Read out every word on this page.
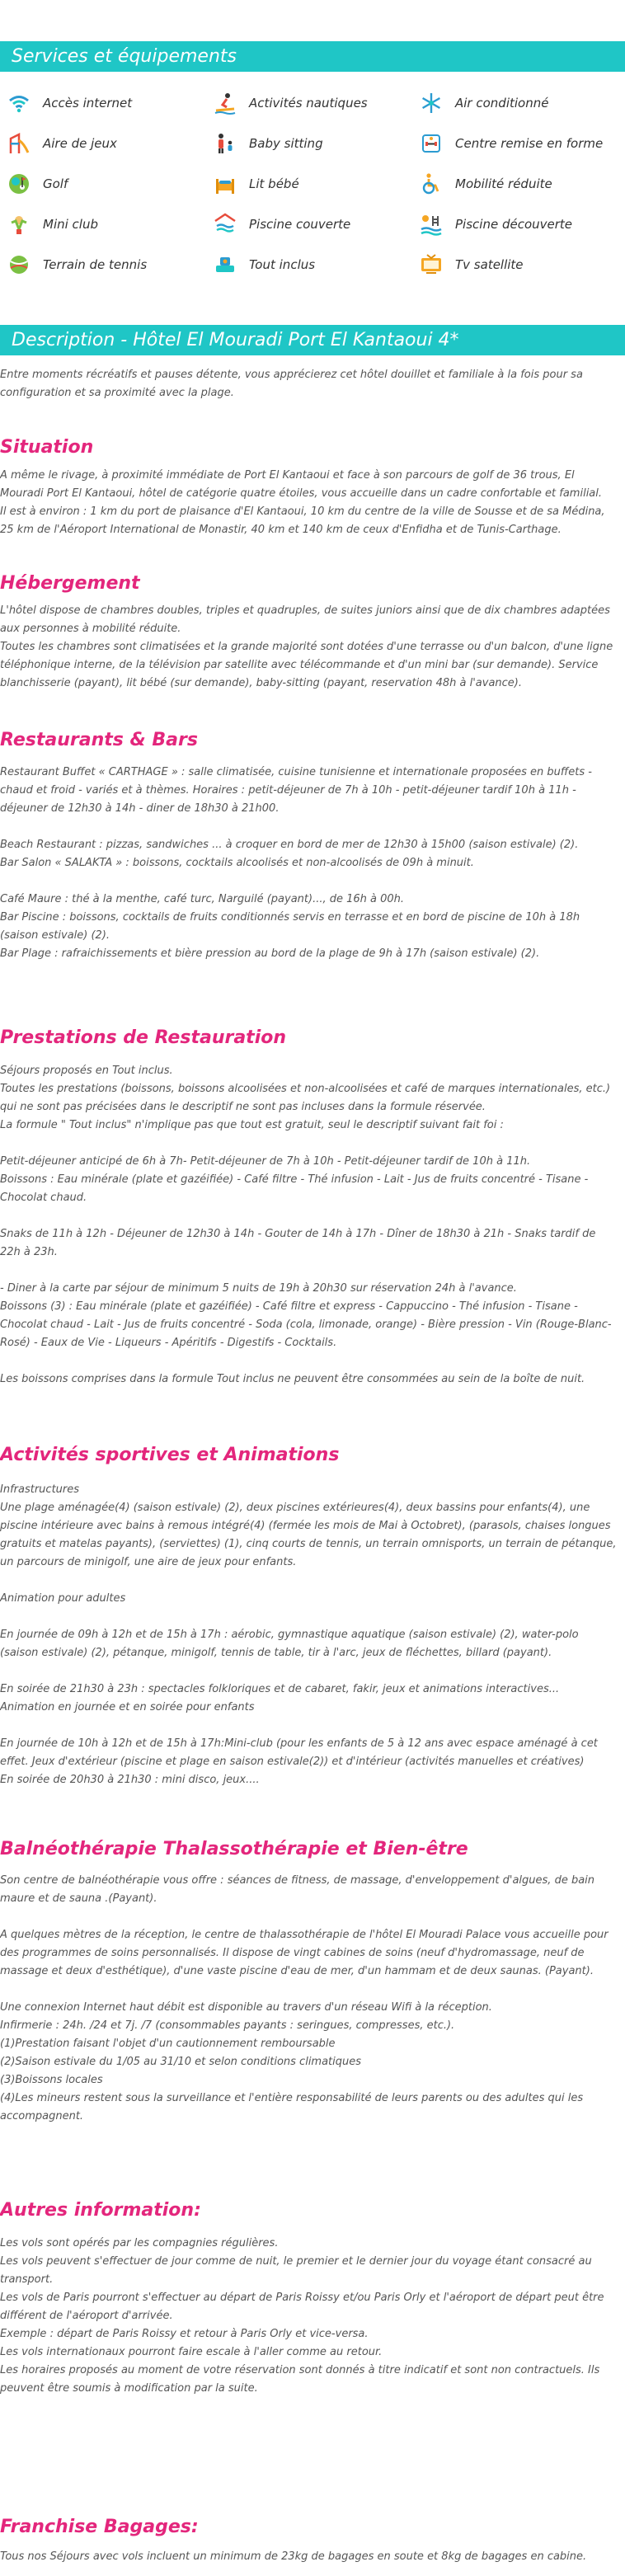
Services et équipements
Accès internet	Activités nautiques	Air conditionné
Aire de jeux	Baby sitting	Centre remise en forme
Golf	Lit bébé	Mobilité réduite
Mini club	Piscine couverte	Piscine découverte
Terrain de tennis	Tout inclus	Tv satellite
Description - Hôtel El Mouradi Port El Kantaoui 4*

Entre moments récréatifs et pauses détente, vous apprécierez cet hôtel douillet et familiale à la fois pour sa configuration et sa proximité avec la plage.

Situation

A même le rivage, à proximité immédiate de Port El Kantaoui et face à son parcours de golf de 36 trous, El Mouradi Port El Kantaoui, hôtel de catégorie quatre étoiles, vous accueille dans un cadre confortable et familial.

Il est à environ : 1 km du port de plaisance d'El Kantaoui, 10 km du centre de la ville de Sousse et de sa Médina, 25 km de l'Aéroport International de Monastir, 40 km et 140 km de ceux d'Enfidha et de Tunis-Carthage.

Hébergement

L'hôtel dispose de chambres doubles, triples et quadruples, de suites juniors ainsi que de dix chambres adaptées aux personnes à mobilité réduite.

Toutes les chambres sont climatisées et la grande majorité sont dotées d'une terrasse ou d'un balcon, d'une ligne téléphonique interne, de la télévision par satellite avec télécommande et d'un mini bar (sur demande). Service blanchisserie (payant), lit bébé (sur demande), baby-sitting (payant, reservation 48h à l'avance).

Restaurants & Bars

Restaurant Buffet « CARTHAGE » : salle climatisée, cuisine tunisienne et internationale proposées en buffets - chaud et froid - variés et à thèmes. Horaires : petit-déjeuner de 7h à 10h - petit-déjeuner tardif 10h à 11h - déjeuner de 12h30 à 14h - diner de 18h30 à 21h00.

Beach Restaurant : pizzas, sandwiches ... à croquer en bord de mer de 12h30 à 15h00 (saison estivale) (2).

Bar Salon « SALAKTA » : boissons, cocktails alcoolisés et non-alcoolisés de 09h à minuit.

Café Maure : thé à la menthe, café turc, Narguilé (payant)..., de 16h à 00h.

Bar Piscine : boissons, cocktails de fruits conditionnés servis en terrasse et en bord de piscine de 10h à 18h (saison estivale) (2).

Bar Plage : rafraichissements et bière pression au bord de la plage de 9h à 17h (saison estivale) (2).

Prestations de Restauration

Séjours proposés en Tout inclus.

Toutes les prestations (boissons, boissons alcoolisées et non-alcoolisées et café de marques internationales, etc.) qui ne sont pas précisées dans le descriptif ne sont pas incluses dans la formule réservée.

La formule " Tout inclus" n'implique pas que tout est gratuit, seul le descriptif suivant fait foi :

Petit-déjeuner anticipé de 6h à 7h- Petit-déjeuner de 7h à 10h - Petit-déjeuner tardif de 10h à 11h.

Boissons : Eau minérale (plate et gazéifiée) - Café filtre - Thé infusion - Lait - Jus de fruits concentré - Tisane - Chocolat chaud.

Snaks de 11h à 12h - Déjeuner de 12h30 à 14h - Gouter de 14h à 17h - Dîner de 18h30 à 21h - Snaks tardif de 22h à 23h.

- Diner à la carte par séjour de minimum 5 nuits de 19h à 20h30 sur réservation 24h à l'avance.

Boissons (3) : Eau minérale (plate et gazéifiée) - Café filtre et express - Cappuccino - Thé infusion - Tisane - Chocolat chaud - Lait - Jus de fruits concentré - Soda (cola, limonade, orange) - Bière pression - Vin (Rouge-Blanc-Rosé) - Eaux de Vie - Liqueurs - Apéritifs - Digestifs - Cocktails.

Les boissons comprises dans la formule Tout inclus ne peuvent être consommées au sein de la boîte de nuit.

Activités sportives et Animations

Infrastructures

Une plage aménagée(4) (saison estivale) (2), deux piscines extérieures(4), deux bassins pour enfants(4), une piscine intérieure avec bains à remous intégré(4) (fermée les mois de Mai à Octobret), (parasols, chaises longues gratuits et matelas payants), (serviettes) (1), cinq courts de tennis, un terrain omnisports, un terrain de pétanque, un parcours de minigolf, une aire de jeux pour enfants.

Animation pour adultes

En journée de 09h à 12h et de 15h à 17h : aérobic, gymnastique aquatique (saison estivale) (2), water-polo (saison estivale) (2), pétanque, minigolf, tennis de table, tir à l'arc, jeux de fléchettes, billard (payant).

En soirée de 21h30 à 23h : spectacles folkloriques et de cabaret, fakir, jeux et animations interactives...

Animation en journée et en soirée pour enfants

En journée de 10h à 12h et de 15h à 17h:Mini-club (pour les enfants de 5 à 12 ans avec espace aménagé à cet effet. Jeux d'extérieur (piscine et plage en saison estivale(2)) et d'intérieur (activités manuelles et créatives)

En soirée de 20h30 à 21h30 : mini disco, jeux....

Balnéothérapie Thalassothérapie et Bien-être

Son centre de balnéothérapie vous offre : séances de fitness, de massage, d'enveloppement d'algues, de bain maure et de sauna .(Payant).

A quelques mètres de la réception, le centre de thalassothérapie de l'hôtel El Mouradi Palace vous accueille pour des programmes de soins personnalisés. Il dispose de vingt cabines de soins (neuf d'hydromassage, neuf de massage et deux d'esthétique), d'une vaste piscine d'eau de mer, d'un hammam et de deux saunas. (Payant).

Une connexion Internet haut débit est disponible au travers d'un réseau Wifi à la réception.

Infirmerie : 24h. /24 et 7j. /7 (consommables payants : seringues, compresses, etc.).

(1)Prestation faisant l'objet d'un cautionnement remboursable

(2)Saison estivale du 1/05 au 31/10 et selon conditions climatiques

(3)Boissons locales

(4)Les mineurs restent sous la surveillance et l'entière responsabilité de leurs parents ou des adultes qui les accompagnent.

Autres information:

Les vols sont opérés par les compagnies régulières.

Les vols peuvent s'effectuer de jour comme de nuit, le premier et le dernier jour du voyage étant consacré au transport.

Les vols de Paris pourront s'effectuer au départ de Paris Roissy et/ou Paris Orly et l'aéroport de départ peut être différent de l'aéroport d'arrivée.

Exemple : départ de Paris Roissy et retour à Paris Orly et vice-versa.

Les vols internationaux pourront faire escale à l'aller comme au retour.

Les horaires proposés au moment de votre réservation sont donnés à titre indicatif et sont non contractuels. Ils peuvent être soumis à modification par la suite.

Franchise Bagages:

Tous nos Séjours avec vols incluent un minimum de 23kg de bagages en soute et 8kg de bagages en cabine.
